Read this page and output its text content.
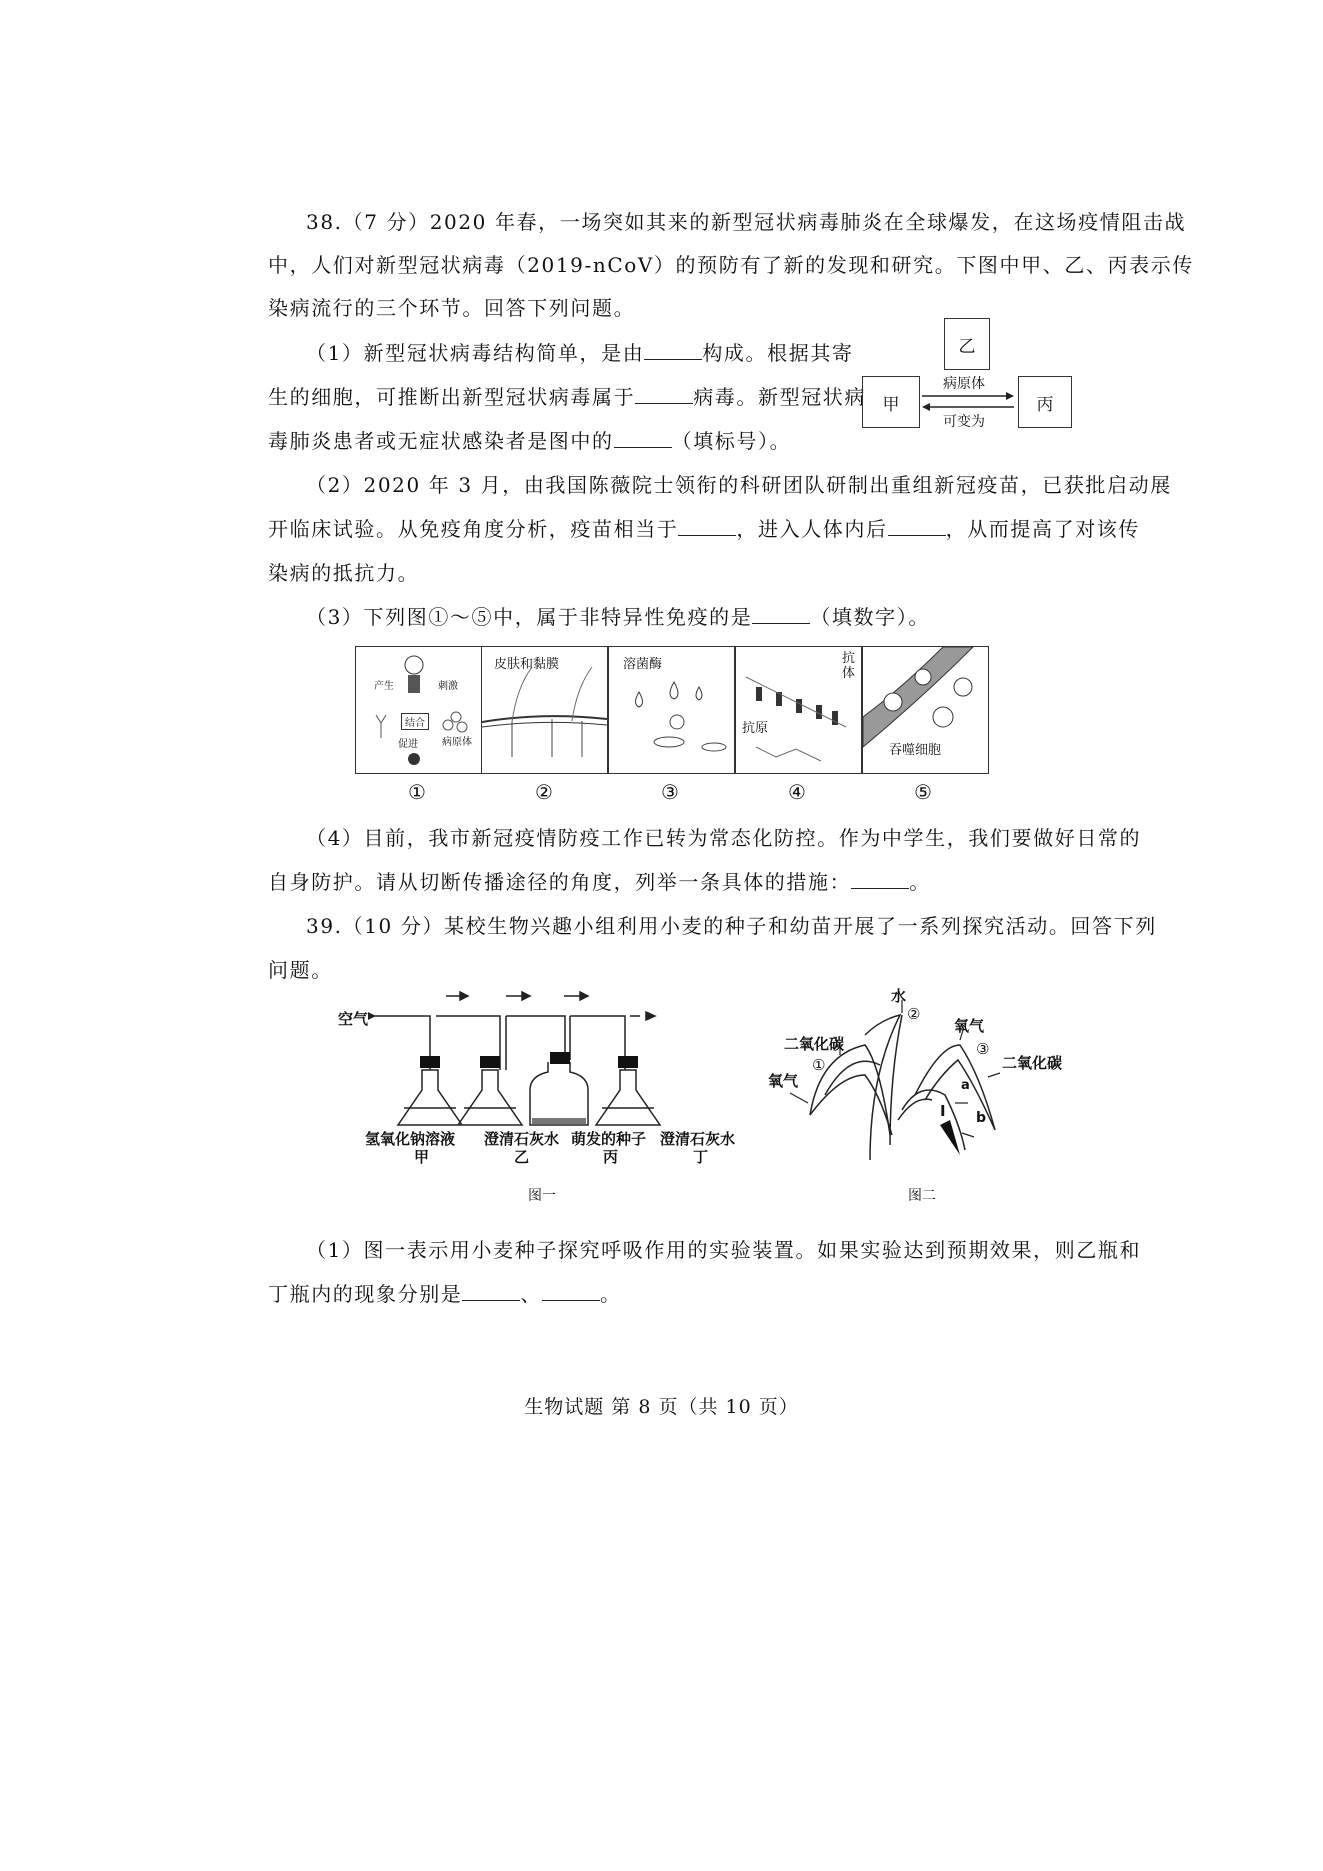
38.（7 分）2020 年春，一场突如其来的新型冠状病毒肺炎在全球爆发，在这场疫情阻击战
中，人们对新型冠状病毒（2019-nCoV）的预防有了新的发现和研究。下图中甲、乙、丙表示传
染病流行的三个环节。回答下列问题。
（1）新型冠状病毒结构简单，是由	构成。根据其寄
生的细胞，可推断出新型冠状病毒属于	病毒。新型冠状病
毒肺炎患者或无症状感染者是图中的	（填标号）。
乙
甲	丙
病原体
可变为
（2）2020 年 3 月，由我国陈薇院士领衔的科研团队研制出重组新冠疫苗，已获批启动展
开临床试验。从免疫角度分析，疫苗相当于	，进入人体内后	，从而提高了对该传
染病的抵抗力。
（3）下列图①～⑤中，属于非特异性免疫的是	（填数字）。
产生	刺激
结合
促进 病原体
皮肤和黏膜	溶菌酶	抗体
抗原
吞噬细胞
①	②	③	④	⑤
（4）目前，我市新冠疫情防疫工作已转为常态化防控。作为中学生，我们要做好日常的
自身防护。请从切断传播途径的角度，列举一条具体的措施：	。
39.（10 分）某校生物兴趣小组利用小麦的种子和幼苗开展了一系列探究活动。回答下列
问题。
空气
氢氧化钠溶液
甲
澄清石灰水
乙
萌发的种子
丙
澄清石灰水
丁
图一
水
②
二氧化碳
①
氧气
氧气
③
二氧化碳
a
b
I
图二
（1）图一表示用小麦种子探究呼吸作用的实验装置。如果实验达到预期效果，则乙瓶和
丁瓶内的现象分别是	、	。
生物试题 第 8 页（共 10 页）
